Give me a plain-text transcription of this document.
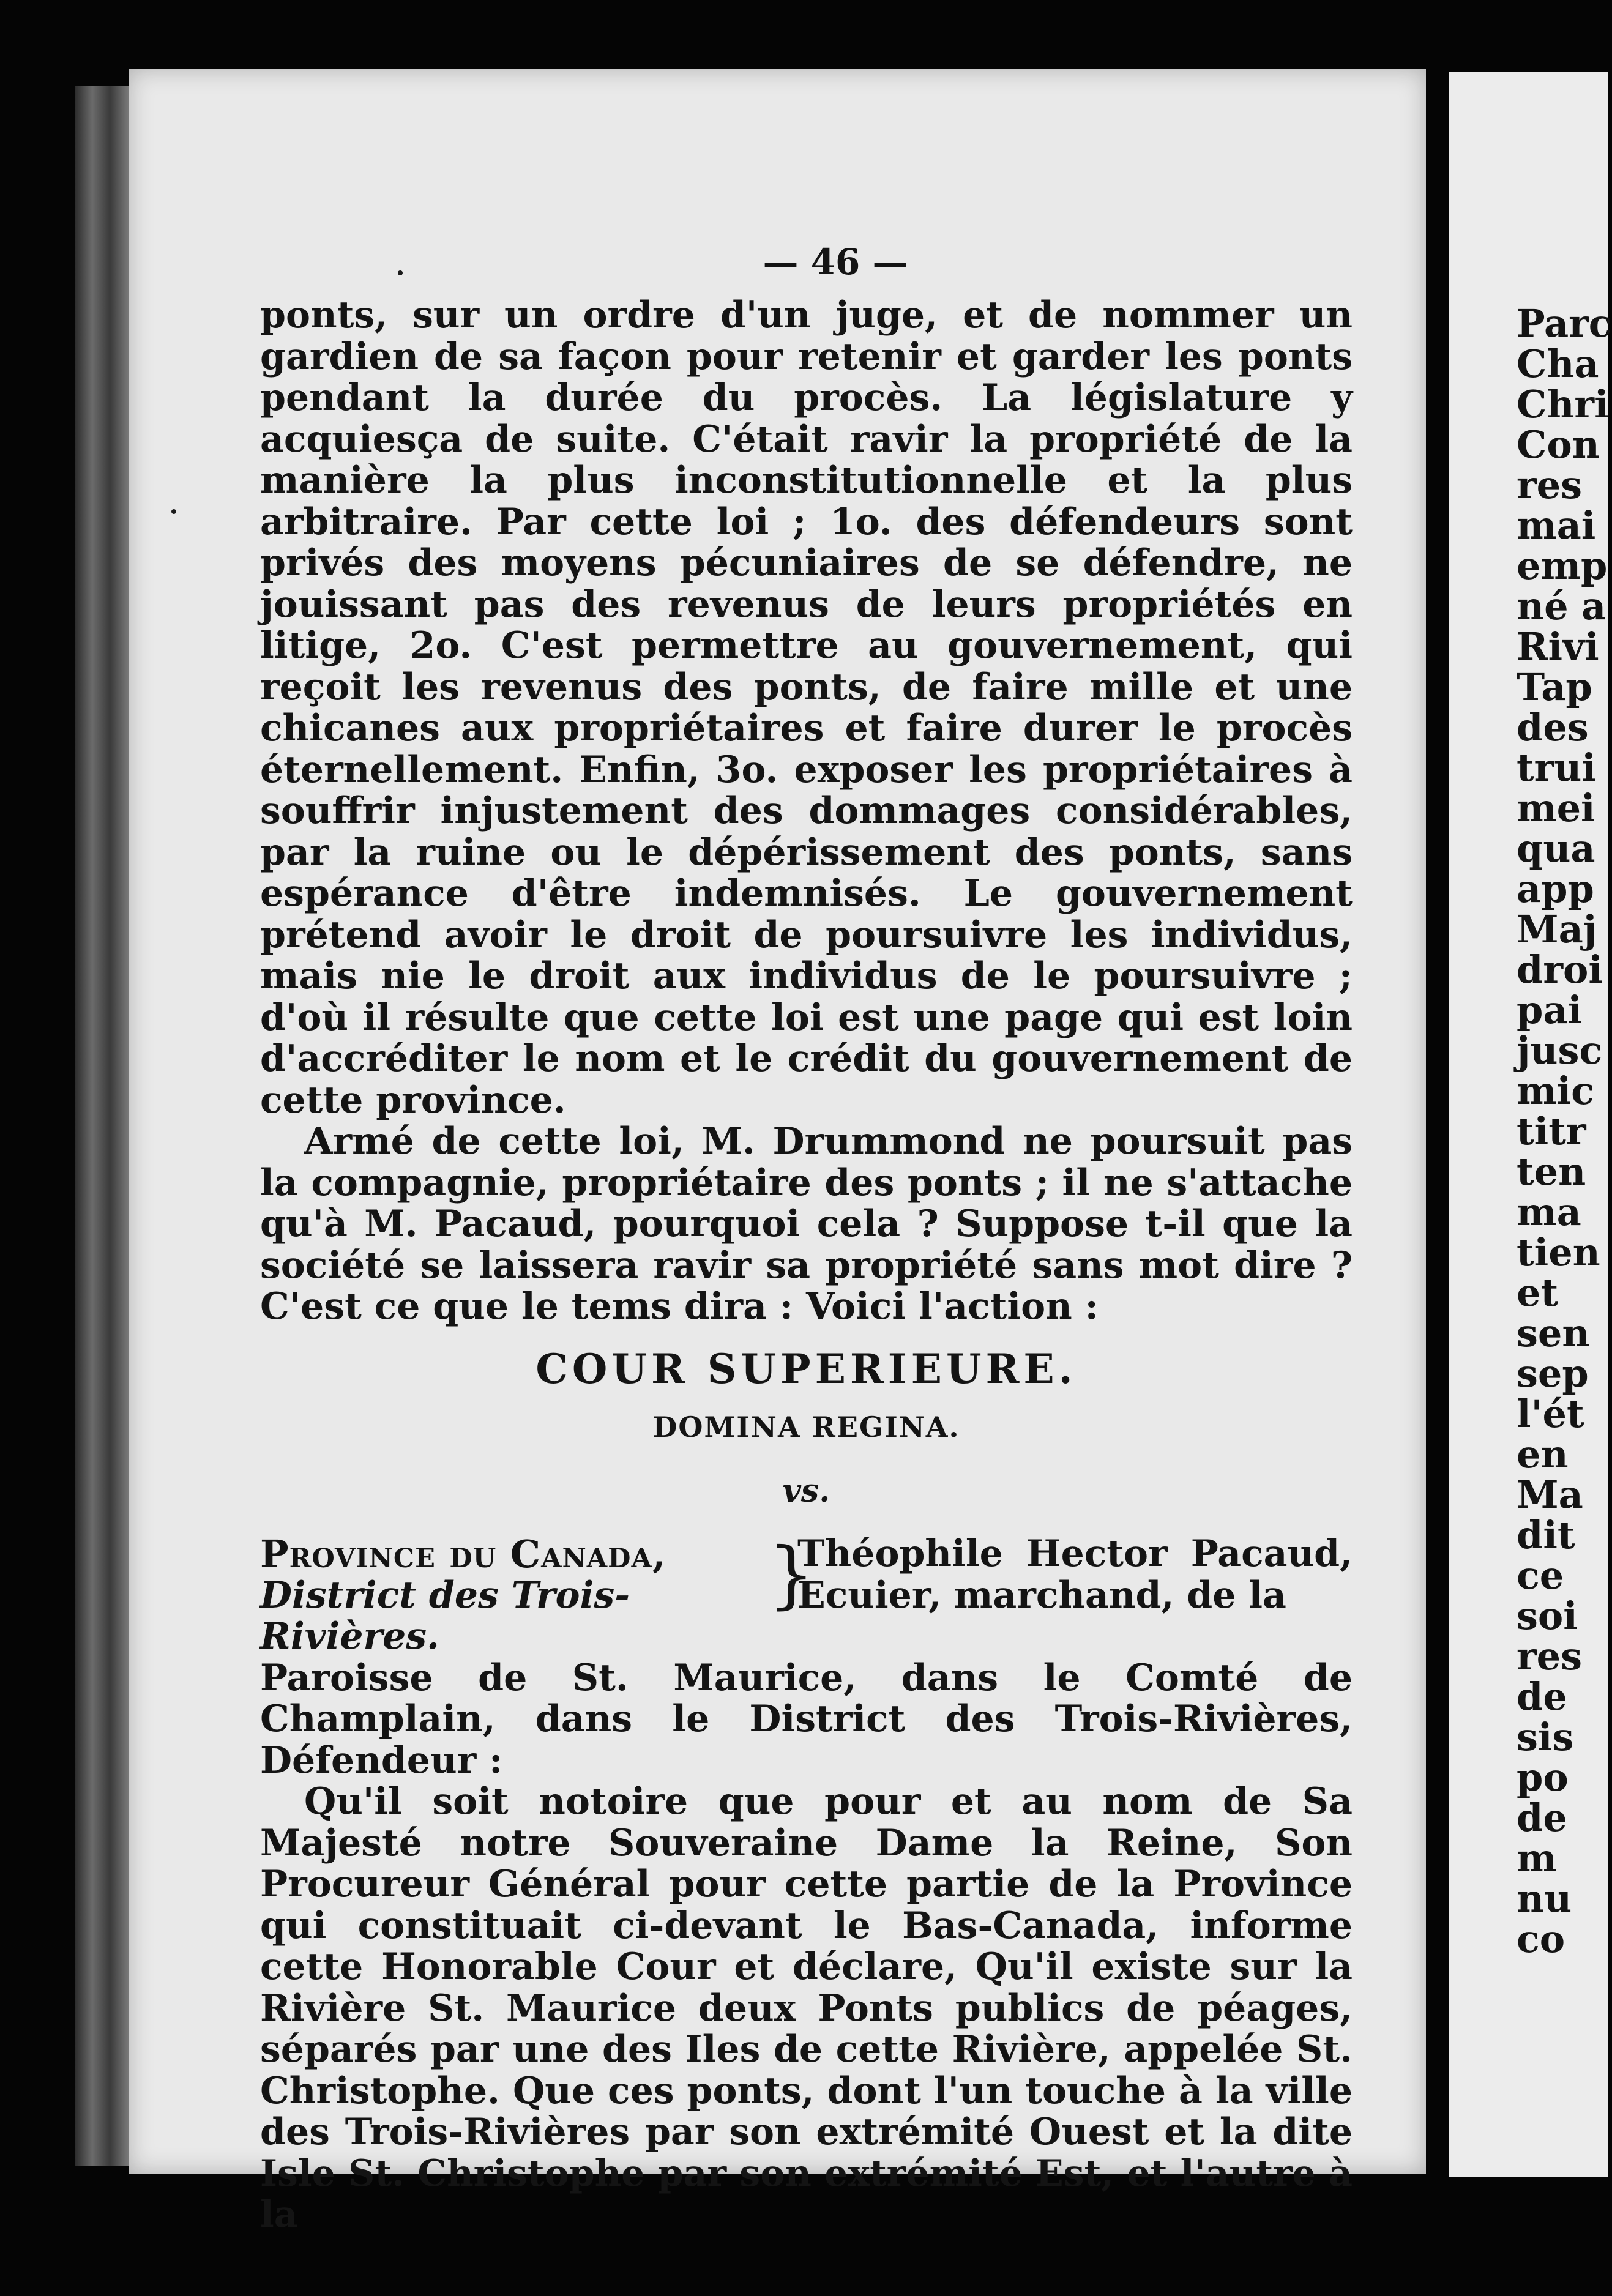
— 46 —

ponts, sur un ordre d'un juge, et de nommer un gardien de sa façon pour retenir et garder les ponts pendant la durée du procès. La législature y acquiesça de suite. C'était ravir la propriété de la manière la plus inconstitutionnelle et la plus arbitraire. Par cette loi ; 1o. des défendeurs sont privés des moyens pécuniaires de se défendre, ne jouissant pas des revenus de leurs propriétés en litige, 2o. C'est permettre au gouvernement, qui reçoit les revenus des ponts, de faire mille et une chicanes aux propriétaires et faire durer le procès éternellement. Enfin, 3o. exposer les propriétaires à souffrir injustement des dommages considérables, par la ruine ou le dépérissement des ponts, sans espérance d'être indemnisés. Le gouvernement prétend avoir le droit de poursuivre les individus, mais nie le droit aux individus de le poursuivre ; d'où il résulte que cette loi est une page qui est loin d'accréditer le nom et le crédit du gouvernement de cette province.

Armé de cette loi, M. Drummond ne poursuit pas la compagnie, propriétaire des ponts ; il ne s'attache qu'à M. Pacaud, pourquoi cela ? Suppose t-il que la société se laissera ravir sa propriété sans mot dire ? C'est ce que le tems dira : Voici l'action :

COUR SUPERIEURE.
DOMINA REGINA.
vs.
Province du Canada,
District des Trois-Rivières.
}
Théophile Hector Pacaud, Ecuier, marchand, de la

Paroisse de St. Maurice, dans le Comté de Champlain, dans le District des Trois-Rivières, Défendeur :

Qu'il soit notoire que pour et au nom de Sa Majesté notre Souveraine Dame la Reine, Son Procureur Général pour cette partie de la Province qui constituait ci-devant le Bas-Canada, informe cette Honorable Cour et déclare, Qu'il existe sur la Rivière St. Maurice deux Ponts publics de péages, séparés par une des Iles de cette Rivière, appelée St. Christophe. Que ces ponts, dont l'un touche à la ville des Trois-Rivières par son extrémité Ouest et la dite Isle St. Christophe par son extrémité Est, et l'autre à la

Parc
Cha
Chri
Con
res
mai
emp
né a
Rivi
Tap
des
trui
mei
qua
app
Maj
droi
pai
jusc
mic
titr
ten
ma
tien
et
sen
sep
l'ét
en
Ma
dit
ce
soi
res
de
sis
po
de
m
nu
co
